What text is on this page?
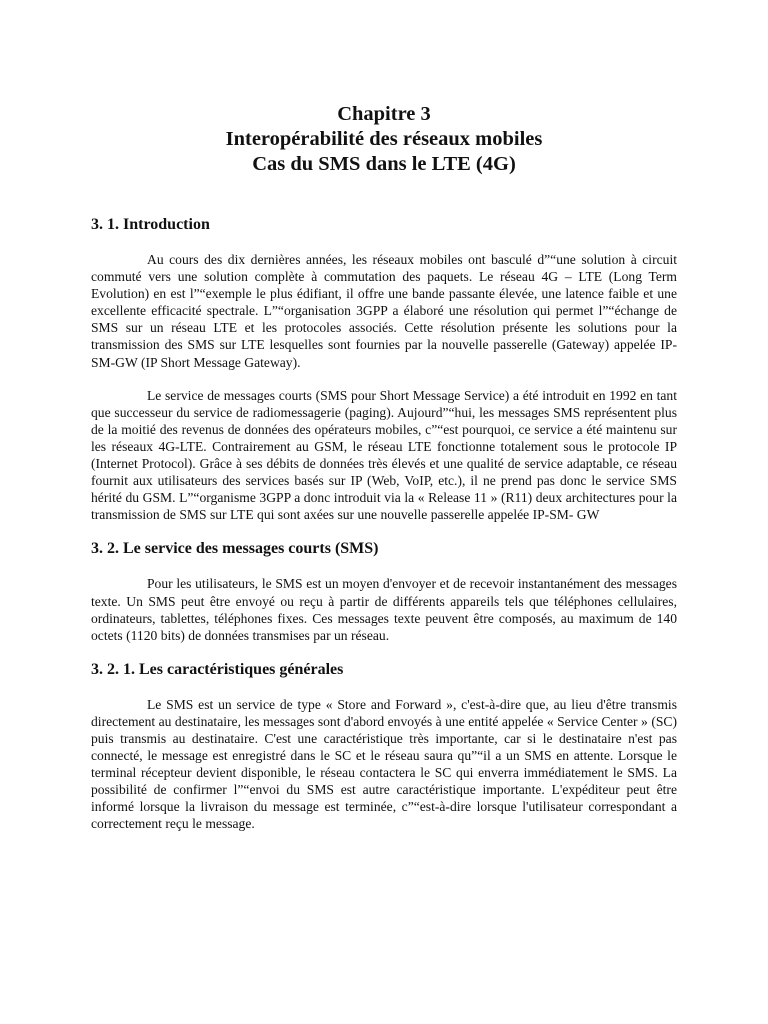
Chapitre 3
Interopérabilité des réseaux mobiles
Cas du SMS dans le LTE (4G)
3. 1. Introduction

Au cours des dix dernières années, les réseaux mobiles ont basculé d”“une solution à circuit commuté vers une solution complète à commutation des paquets. Le réseau 4G – LTE (Long Term Evolution) en est l”“exemple le plus édifiant, il offre une bande passante élevée, une latence faible et une excellente efficacité spectrale. L”“organisation 3GPP a élaboré une résolution qui permet l”“échange de SMS sur un réseau LTE et les protocoles associés. Cette résolution présente les solutions pour la transmission des SMS sur LTE lesquelles sont fournies par la nouvelle passerelle (Gateway) appelée IP-SM-GW (IP Short Message Gateway).

Le service de messages courts (SMS pour Short Message Service) a été introduit en 1992 en tant que successeur du service de radiomessagerie (paging). Aujourd”“hui, les messages SMS représentent plus de la moitié des revenus de données des opérateurs mobiles, c”“est pourquoi, ce service a été maintenu sur les réseaux 4G-LTE. Contrairement au GSM, le réseau LTE fonctionne totalement sous le protocole IP (Internet Protocol). Grâce à ses débits de données très élevés et une qualité de service adaptable, ce réseau fournit aux utilisateurs des services basés sur IP (Web, VoIP, etc.), il ne prend pas donc le service SMS hérité du GSM. L”“organisme 3GPP a donc introduit via la « Release 11 » (R11) deux architectures pour la transmission de SMS sur LTE qui sont axées sur une nouvelle passerelle appelée IP-SM- GW

3. 2. Le service des messages courts (SMS)

Pour les utilisateurs, le SMS est un moyen d'envoyer et de recevoir instantanément des messages texte. Un SMS peut être envoyé ou reçu à partir de différents appareils tels que téléphones cellulaires, ordinateurs, tablettes, téléphones fixes. Ces messages texte peuvent être composés, au maximum de 140 octets (1120 bits) de données transmises par un réseau.

3. 2. 1. Les caractéristiques générales

Le SMS est un service de type « Store and Forward », c'est-à-dire que, au lieu d'être transmis directement au destinataire, les messages sont d'abord envoyés à une entité appelée « Service Center » (SC) puis transmis au destinataire. C'est une caractéristique très importante, car si le destinataire n'est pas connecté, le message est enregistré dans le SC et le réseau saura qu”“il a un SMS en attente. Lorsque le terminal récepteur devient disponible, le réseau contactera le SC qui enverra immédiatement le SMS. La possibilité de confirmer l”“envoi du SMS est autre caractéristique importante. L'expéditeur peut être informé lorsque la livraison du message est terminée, c”“est-à-dire lorsque l'utilisateur correspondant a correctement reçu le message.
